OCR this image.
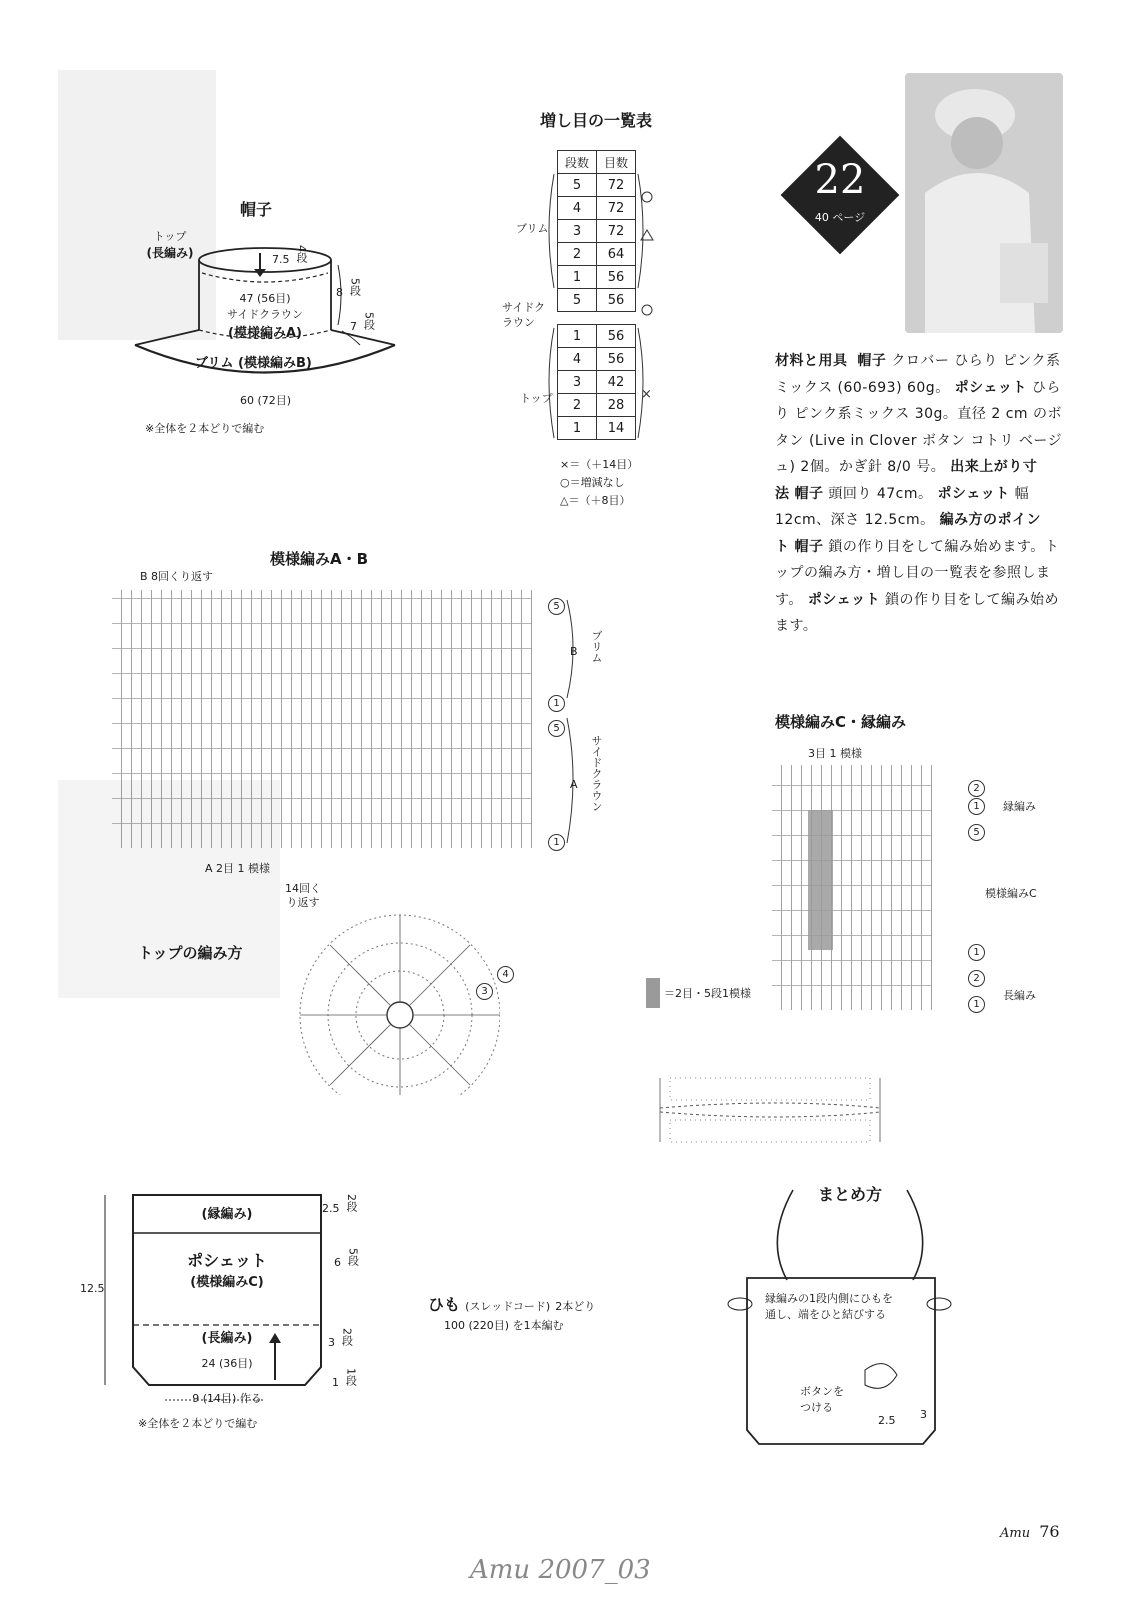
帽子
トップ
(長編み)	7.5 4段
8 5段
7 5段
47 (56目)
サイドクラウン
(模様編みA)
ブリム (模様編みB)
60 (72目)
※全体を２本どりで編む
増し目の一覧表
段数	目数
5	72
4	72
3	72
2	64
1	56
5	56

1	56
4	56
3	42
2	28
1	14
ブリム
サイドクラウン
トップ	×
×＝（＋14目）
○＝増減なし
△＝（＋8目）
22
40 ページ
材料と用具 帽子 クロバー ひらり ピンク系ミックス (60-693) 60g。 ポシェット ひらり ピンク系ミックス 30g。直径 2 cm のボタン (Live in Clover ボタン コトリ ベージュ) 2個。かぎ針 8/0 号。 出来上がり寸法 帽子 頭回り 47cm。 ポシェット 幅 12cm、深さ 12.5cm。 編み方のポイント 帽子 鎖の作り目をして編み始めます。トップの編み方・増し目の一覧表を参照します。 ポシェット 鎖の作り目をして編み始めます。
模様編みA・B
B 8回くり返す
A 2目 1 模様
5
1
5
1
B ブリム
A サイドクラウン
トップの編み方
14回くり返す
3
4
模様編みC・縁編み
3目 1 模様
2
1
5
1
2
1
縁編み
模様編みC
長編み
＝2目・5段1模様
(縁編み)
ポシェット
(模様編みC)
(長編み)
24 (36目)
9 (14目) 作る
12.5
2.5 2段
6 5段
3 2段
1 1段
※全体を２本どりで編む
ひも (スレッドコード) 2本どり
100 (220目) を1本編む
まとめ方
縁編みの1段内側にひもを
通し、端をひと結びする
ボタンを
つける
2.5 3
Amu 76
Amu 2007_03
